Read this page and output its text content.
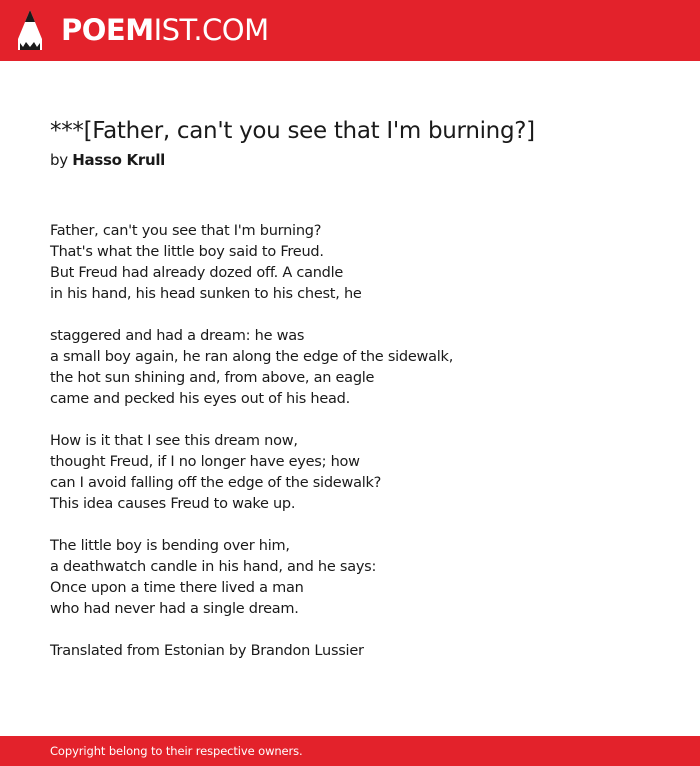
POEMIST.COM
***[Father, can't you see that I'm burning?]
by Hasso Krull
Father, can't you see that I'm burning?
That's what the little boy said to Freud.
But Freud had already dozed off. A candle
in his hand, his head sunken to his chest, he
staggered and had a dream: he was
a small boy again, he ran along the edge of the sidewalk,
the hot sun shining and, from above, an eagle
came and pecked his eyes out of his head.
How is it that I see this dream now,
thought Freud, if I no longer have eyes; how
can I avoid falling off the edge of the sidewalk?
This idea causes Freud to wake up.
The little boy is bending over him,
a deathwatch candle in his hand, and he says:
Once upon a time there lived a man
who had never had a single dream.
Translated from Estonian by Brandon Lussier
Copyright belong to their respective owners.
